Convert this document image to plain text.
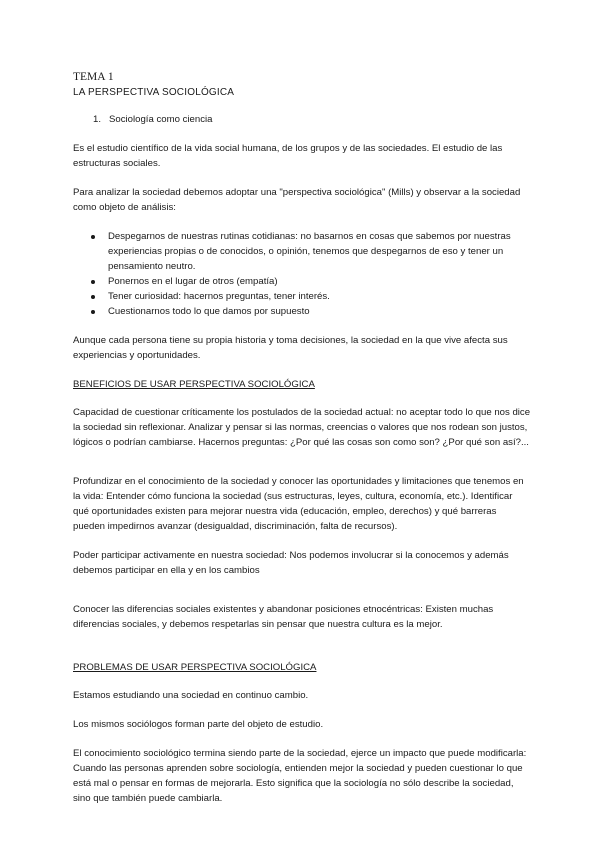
TEMA 1
LA PERSPECTIVA SOCIOLÓGICA
1. Sociología como ciencia

Es el estudio científico de la vida social humana, de los grupos y de las sociedades. El estudio de las estructuras sociales.

Para analizar la sociedad debemos adoptar una "perspectiva sociológica" (Mills) y observar a la sociedad como objeto de análisis:

Despegarnos de nuestras rutinas cotidianas: no basarnos en cosas que sabemos por nuestras experiencias propias o de conocidos, o opinión, tenemos que despegarnos de eso y tener un pensamiento neutro.
Ponernos en el lugar de otros (empatía)
Tener curiosidad: hacernos preguntas, tener interés.
Cuestionarnos todo lo que damos por supuesto

Aunque cada persona tiene su propia historia y toma decisiones, la sociedad en la que vive afecta sus experiencias y oportunidades.

BENEFICIOS DE USAR PERSPECTIVA SOCIOLÓGICA

Capacidad de cuestionar críticamente los postulados de la sociedad actual: no aceptar todo lo que nos dice la sociedad sin reflexionar. Analizar y pensar si las normas, creencias o valores que nos rodean son justos, lógicos o podrían cambiarse. Hacernos preguntas: ¿Por qué las cosas son como son? ¿Por qué son así?...

Profundizar en el conocimiento de la sociedad y conocer las oportunidades y limitaciones que tenemos en la vida: Entender cómo funciona la sociedad (sus estructuras, leyes, cultura, economía, etc.). Identificar qué oportunidades existen para mejorar nuestra vida (educación, empleo, derechos) y qué barreras pueden impedirnos avanzar (desigualdad, discriminación, falta de recursos).

Poder participar activamente en nuestra sociedad: Nos podemos involucrar si la conocemos y además debemos participar en ella y en los cambios

Conocer las diferencias sociales existentes y abandonar posiciones etnocéntricas: Existen muchas diferencias sociales, y debemos respetarlas sin pensar que nuestra cultura es la mejor.

PROBLEMAS DE USAR PERSPECTIVA SOCIOLÓGICA

Estamos estudiando una sociedad en continuo cambio.

Los mismos sociólogos forman parte del objeto de estudio.

El conocimiento sociológico termina siendo parte de la sociedad, ejerce un impacto que puede modificarla: Cuando las personas aprenden sobre sociología, entienden mejor la sociedad y pueden cuestionar lo que está mal o pensar en formas de mejorarla. Esto significa que la sociología no sólo describe la sociedad, sino que también puede cambiarla.
